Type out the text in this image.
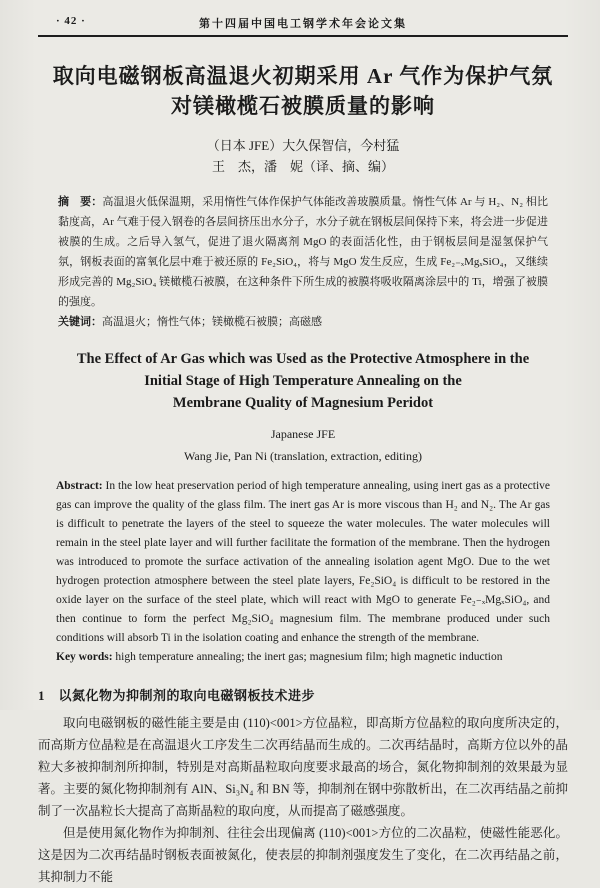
· 42 ·	第十四届中国电工钢学术年会论文集
取向电磁钢板高温退火初期采用 Ar 气作为保护气氛
对镁橄榄石被膜质量的影响
（日本 JFE）大久保智信，今村猛
王　杰，潘　妮（译、摘、编）

摘　要：高温退火低保温期，采用惰性气体作保护气体能改善玻膜质量。惰性气体 Ar 与 H₂、N₂ 相比黏度高，Ar 气难于侵入钢卷的各层间挤压出水分子，水分子就在钢板层间保持下来，将会进一步促进被膜的生成。之后导入氢气，促进了退火隔离剂 MgO 的表面活化性，由于钢板层间是湿氢保护气氛，钢板表面的富氧化层中难于被还原的 Fe₂SiO₄，将与 MgO 发生反应，生成 Fe₂₋ₓMgₓSiO₄，又继续形成完善的 Mg₂SiO₄ 镁橄榄石被膜，在这种条件下所生成的被膜将吸收隔离涂层中的 Ti，增强了被膜的强度。

关键词：高温退火；惰性气体；镁橄榄石被膜；高磁感

The Effect of Ar Gas which was Used as the Protective Atmosphere in the
Initial Stage of High Temperature Annealing on the
Membrane Quality of Magnesium Peridot
Japanese JFE
Wang Jie, Pan Ni (translation, extraction, editing)

Abstract: In the low heat preservation period of high temperature annealing, using inert gas as a protective gas can improve the quality of the glass film. The inert gas Ar is more viscous than H₂ and N₂. The Ar gas is difficult to penetrate the layers of the steel to squeeze the water molecules. The water molecules will remain in the steel plate layer and will further facilitate the formation of the membrane. Then the hydrogen was introduced to promote the surface activation of the annealing isolation agent MgO. Due to the wet hydrogen protection atmosphere between the steel plate layers, Fe₂SiO₄ is difficult to be restored in the oxide layer on the surface of the steel plate, which will react with MgO to generate Fe₂₋ₓMgₓSiO₄, and then continue to form the perfect Mg₂SiO₄ magnesium film. The membrane produced under such conditions will absorb Ti in the isolation coating and enhance the strength of the membrane.

Key words: high temperature annealing; the inert gas; magnesium film; high magnetic induction

1　以氮化物为抑制剂的取向电磁钢板技术进步

取向电磁钢板的磁性能主要是由 (110)<001>方位晶粒，即高斯方位晶粒的取向度所决定的，而高斯方位晶粒是在高温退火工序发生二次再结晶而生成的。二次再结晶时，高斯方位以外的晶粒大多被抑制剂所抑制，特别是对高斯晶粒取向度要求最高的场合，氮化物抑制剂的效果最为显著。主要的氮化物抑制剂有 AlN、Si₃N₄ 和 BN 等，抑制剂在钢中弥散析出，在二次再结晶之前抑制了一次晶粒长大提高了高斯晶粒的取向度，从而提高了磁感强度。

但是使用氮化物作为抑制剂、往往会出现偏离 (110)<001>方位的二次晶粒，使磁性能恶化。这是因为二次再结晶时钢板表面被氮化，使表层的抑制剂强度发生了变化，在二次再结晶之前，其抑制力不能
